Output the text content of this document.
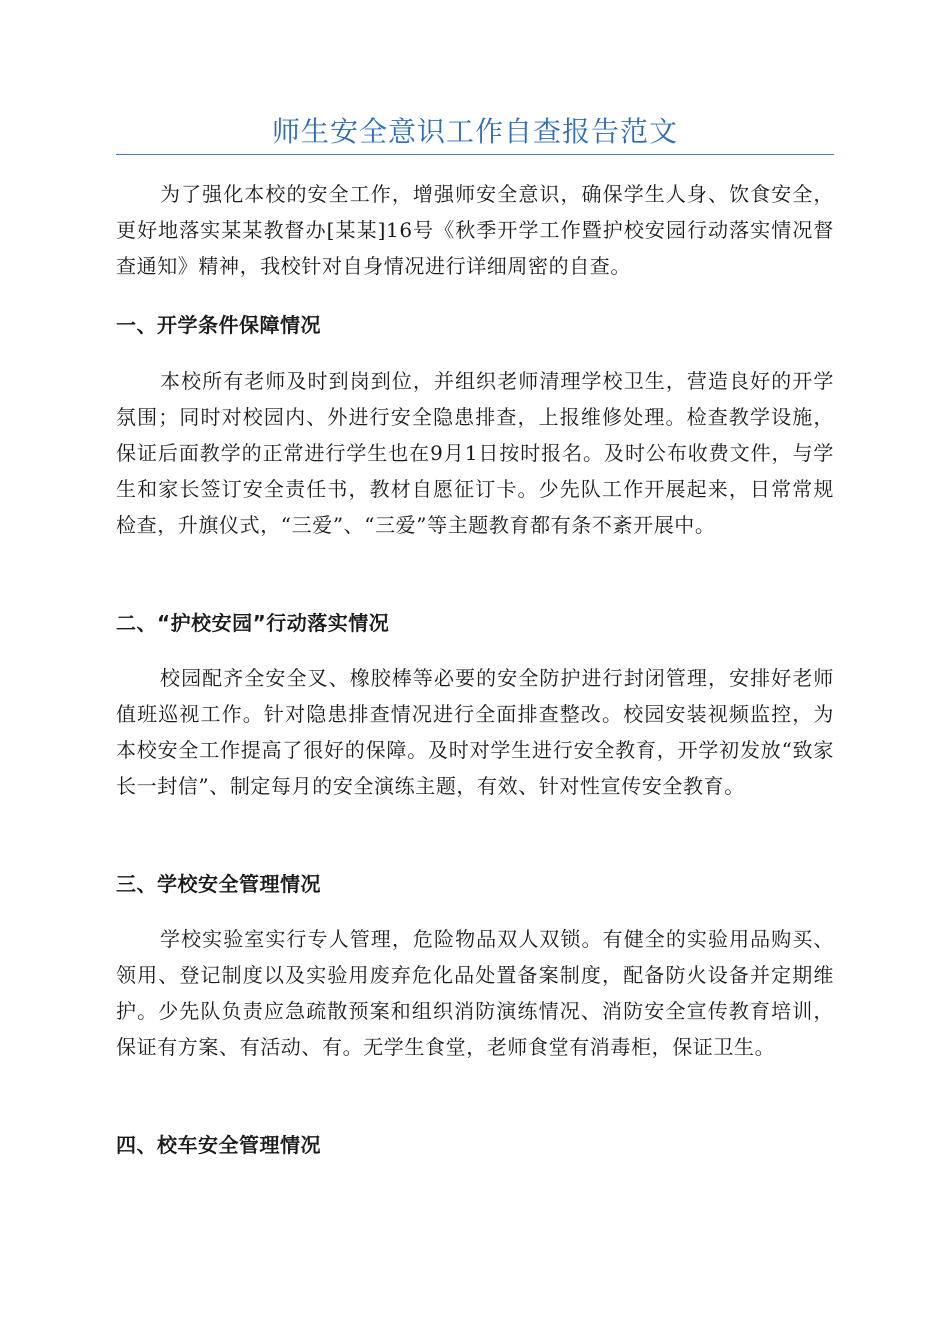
师生安全意识工作自查报告范文

为了强化本校的安全工作，增强师安全意识，确保学生人身、饮食安全，更好地落实某某教督办[某某]16号《秋季开学工作暨护校安园行动落实情况督查通知》精神，我校针对自身情况进行详细周密的自查。

一、开学条件保障情况

本校所有老师及时到岗到位，并组织老师清理学校卫生，营造良好的开学氛围；同时对校园内、外进行安全隐患排查，上报维修处理。检查教学设施，保证后面教学的正常进行学生也在9月1日按时报名。及时公布收费文件，与学生和家长签订安全责任书，教材自愿征订卡。少先队工作开展起来，日常常规检查，升旗仪式，“三爱”、“三爱”等主题教育都有条不紊开展中。

二、“护校安园”行动落实情况

校园配齐全安全叉、橡胶棒等必要的安全防护进行封闭管理，安排好老师值班巡视工作。针对隐患排查情况进行全面排查整改。校园安装视频监控，为本校安全工作提高了很好的保障。及时对学生进行安全教育，开学初发放“致家长一封信”、制定每月的安全演练主题，有效、针对性宣传安全教育。

三、学校安全管理情况

学校实验室实行专人管理，危险物品双人双锁。有健全的实验用品购买、领用、登记制度以及实验用废弃危化品处置备案制度，配备防火设备并定期维护。少先队负责应急疏散预案和组织消防演练情况、消防安全宣传教育培训，保证有方案、有活动、有。无学生食堂，老师食堂有消毒柜，保证卫生。

四、校车安全管理情况
